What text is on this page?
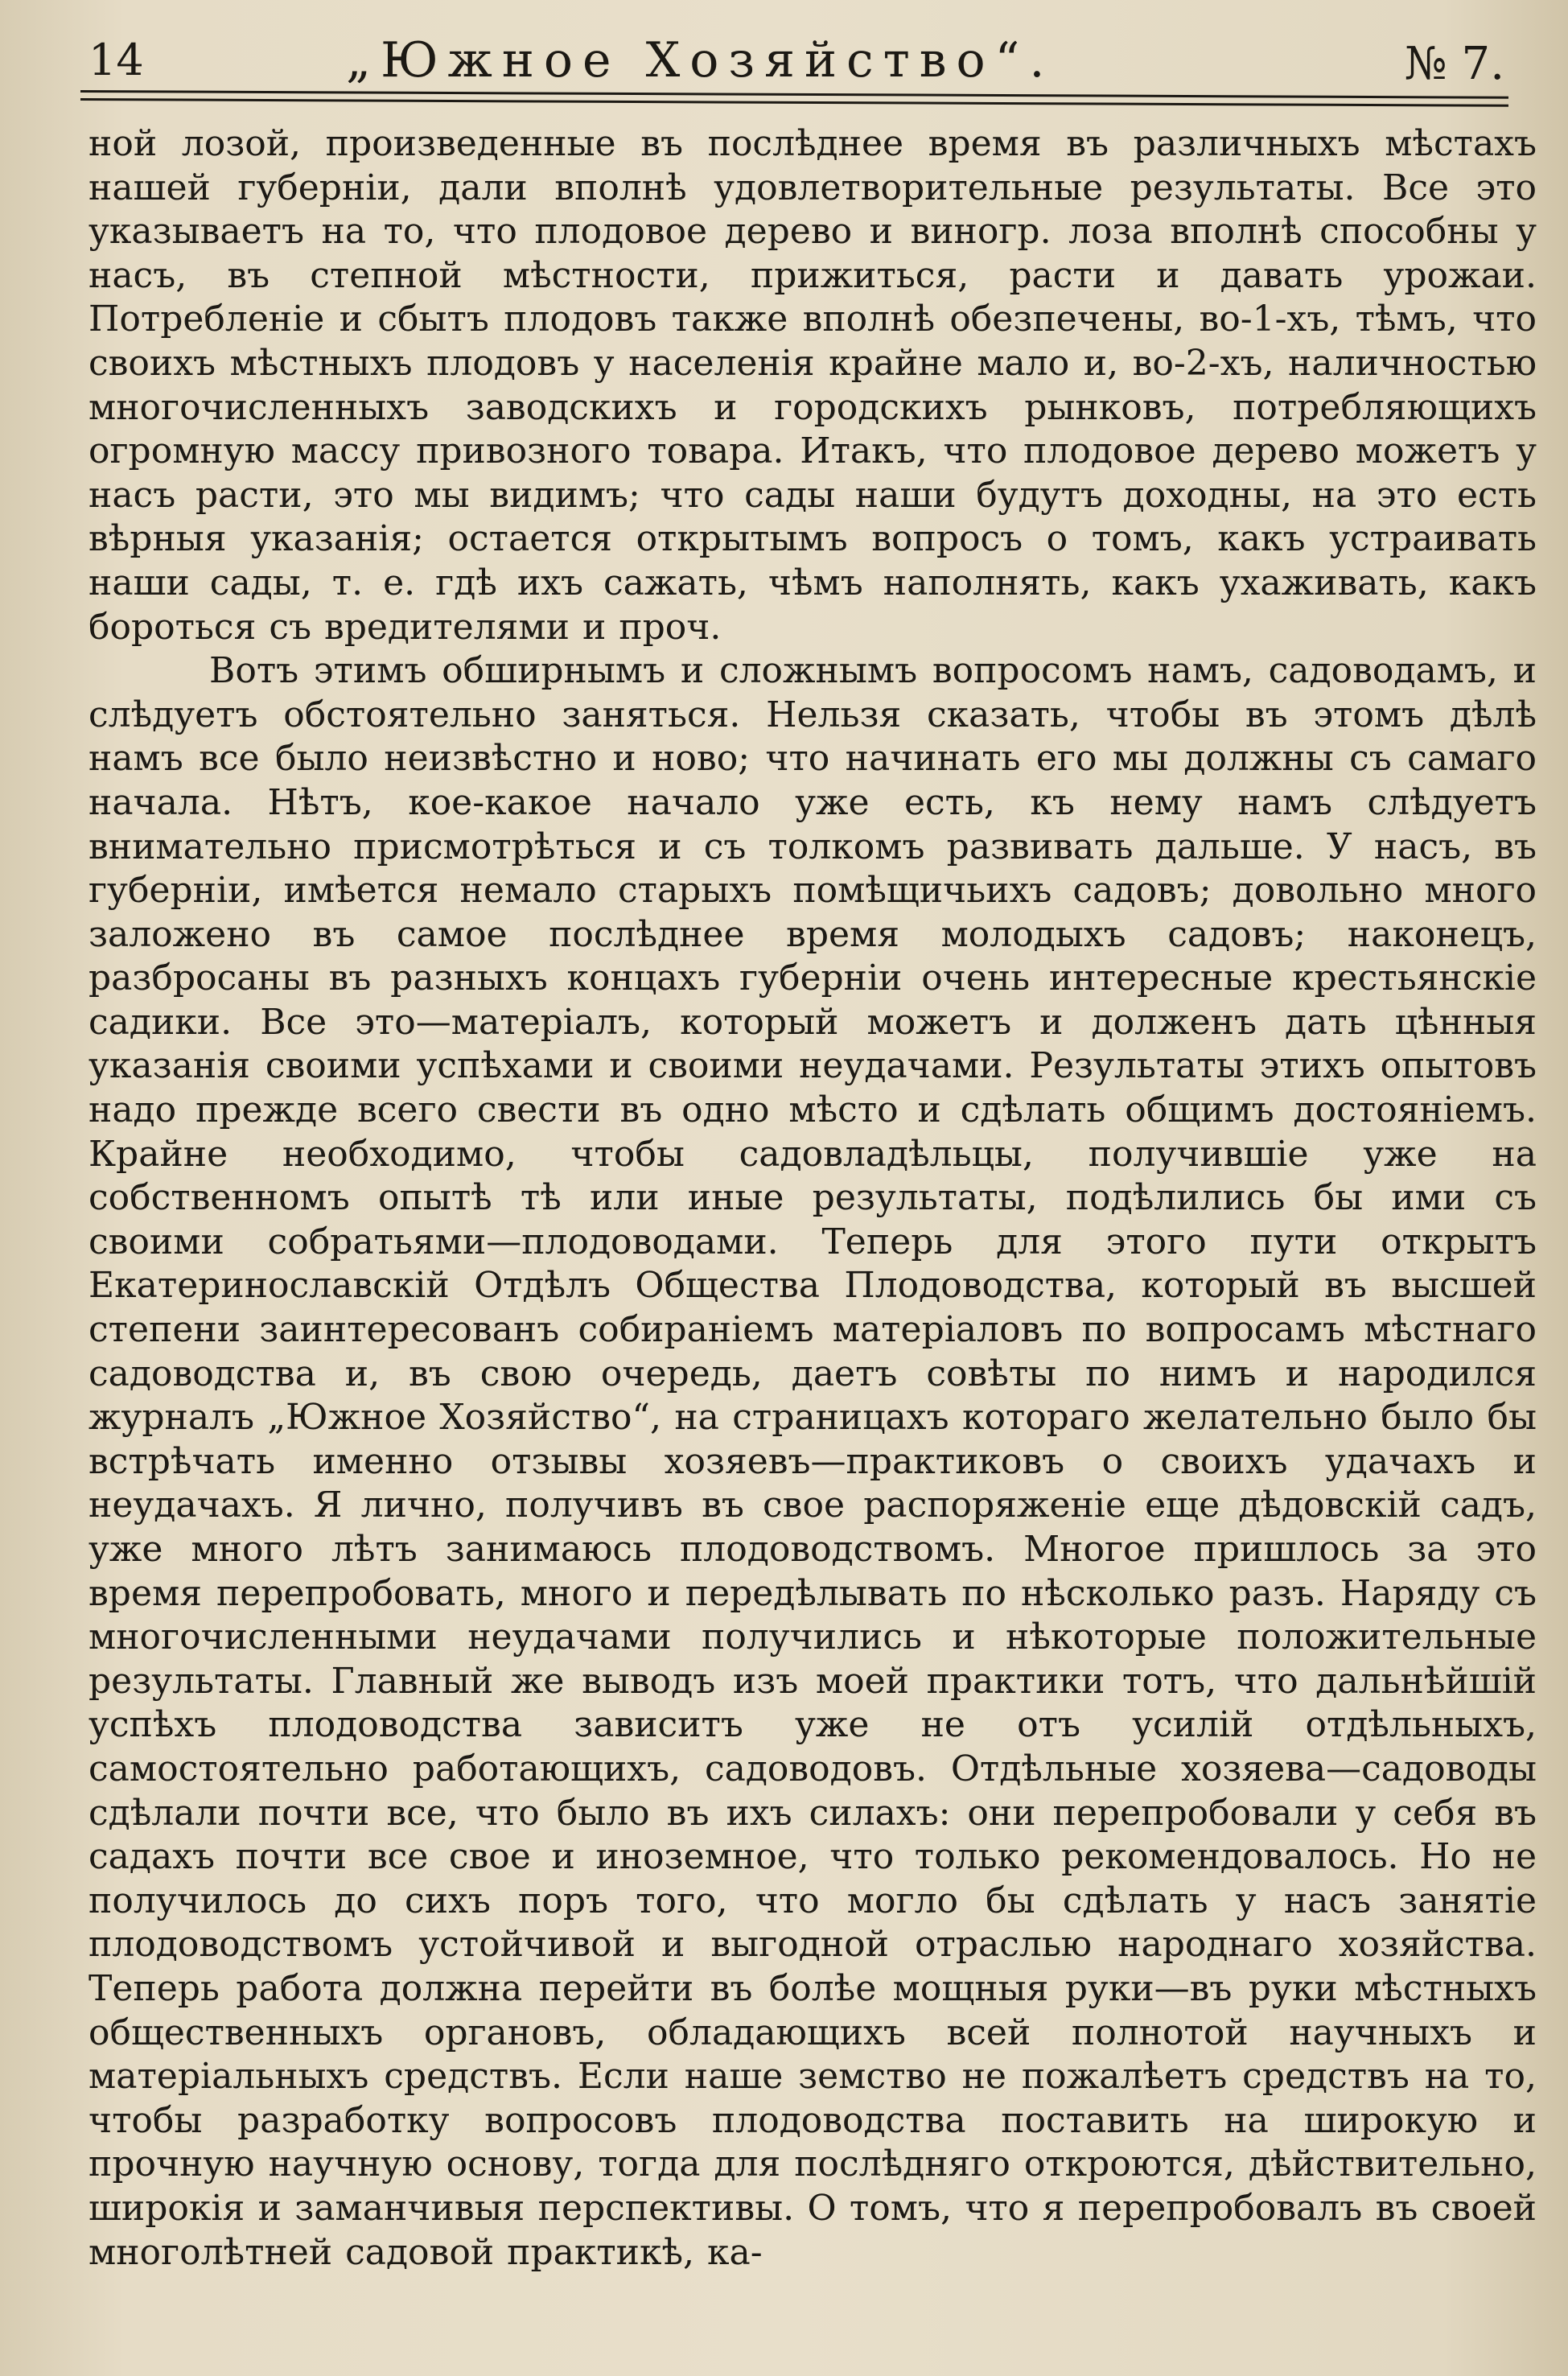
14	„Южное Хозяйство“.	№ 7.

ной лозой, произведенные въ послѣднее время въ различныхъ мѣстахъ нашей губерніи, дали вполнѣ удовлетворительные результаты. Все это указываетъ на то, что плодовое дерево и виногр. лоза вполнѣ способны у насъ, въ степной мѣстности, прижиться, расти и давать урожаи. Потребленіе и сбытъ плодовъ также вполнѣ обезпечены, во-1-хъ, тѣмъ, что своихъ мѣстныхъ плодовъ у населенія крайне мало и, во-2-хъ, наличностью многочисленныхъ заводскихъ и городскихъ рынковъ, потребляющихъ огромную массу привозного товара. Итакъ, что плодовое дерево можетъ у насъ расти, это мы видимъ; что сады наши будутъ доходны, на это есть вѣрныя указанія; остается открытымъ вопросъ о томъ, какъ устраивать наши сады, т. е. гдѣ ихъ сажать, чѣмъ наполнять, какъ ухаживать, какъ бороться съ вредителями и проч.

Вотъ этимъ обширнымъ и сложнымъ вопросомъ намъ, садоводамъ, и слѣдуетъ обстоятельно заняться. Нельзя сказать, чтобы въ этомъ дѣлѣ намъ все было неизвѣстно и ново; что начинать его мы должны съ самаго начала. Нѣтъ, кое-какое начало уже есть, къ нему намъ слѣдуетъ внимательно присмотрѣться и съ толкомъ развивать дальше. У насъ, въ губерніи, имѣется немало старыхъ помѣщичьихъ садовъ; довольно много заложено въ самое послѣднее время молодыхъ садовъ; наконецъ, разбросаны въ разныхъ концахъ губерніи очень интересные крестьянскіе садики. Все это—матеріалъ, который можетъ и долженъ дать цѣнныя указанія своими успѣхами и своими неудачами. Результаты этихъ опытовъ надо прежде всего свести въ одно мѣсто и сдѣлать общимъ достояніемъ. Крайне необходимо, чтобы садовладѣльцы, получившіе уже на собственномъ опытѣ тѣ или иные результаты, подѣлились бы ими съ своими собратьями—плодоводами. Теперь для этого пути открытъ Екатеринославскій Отдѣлъ Общества Плодоводства, который въ высшей степени заинтересованъ собираніемъ матеріаловъ по вопросамъ мѣстнаго садоводства и, въ свою очередь, даетъ совѣты по нимъ и народился журналъ „Южное Хозяйство“, на страницахъ котораго желательно было бы встрѣчать именно отзывы хозяевъ—практиковъ о своихъ удачахъ и неудачахъ. Я лично, получивъ въ свое распоряженіе еще дѣдовскій садъ, уже много лѣтъ занимаюсь плодоводствомъ. Многое пришлось за это время перепробовать, много и передѣлывать по нѣсколько разъ. Наряду съ многочисленными неудачами получились и нѣкоторые положительные результаты. Главный же выводъ изъ моей практики тотъ, что дальнѣйшій успѣхъ плодоводства зависитъ уже не отъ усилій отдѣльныхъ, самостоятельно работающихъ, садоводовъ. Отдѣльные хозяева—садоводы сдѣлали почти все, что было въ ихъ силахъ: они перепробовали у себя въ садахъ почти все свое и иноземное, что только рекомендовалось. Но не получилось до сихъ поръ того, что могло бы сдѣлать у насъ занятіе плодоводствомъ устойчивой и выгодной отраслью народнаго хозяйства. Теперь работа должна перейти въ болѣе мощныя руки—въ руки мѣстныхъ общественныхъ органовъ, обладающихъ всей полнотой научныхъ и матеріальныхъ средствъ. Если наше земство не пожалѣетъ средствъ на то, чтобы разработку вопросовъ плодоводства поставить на широкую и прочную научную основу, тогда для послѣдняго откроются, дѣйствительно, широкія и заманчивыя перспективы. О томъ, что я перепробовалъ въ своей многолѣтней садовой практикѣ, ка-
